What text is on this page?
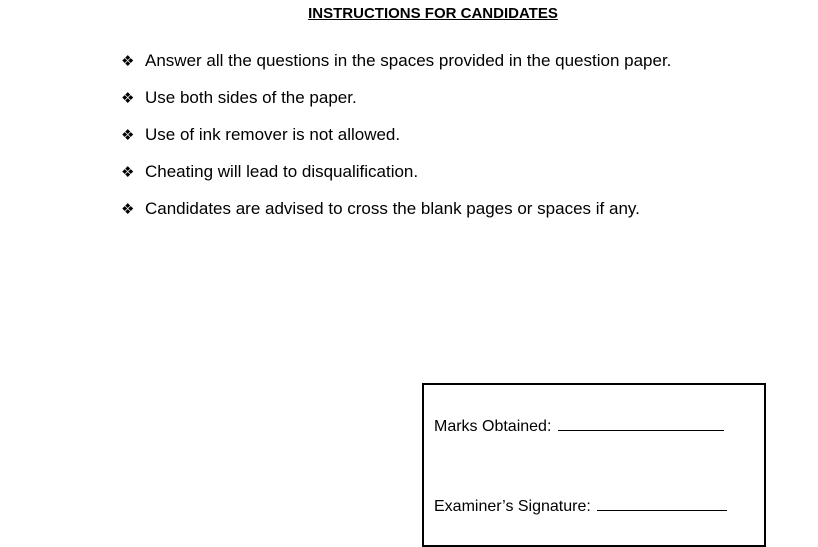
INSTRUCTIONS FOR CANDIDATES
❖ Answer all the questions in the spaces provided in the question paper.
❖ Use both sides of the paper.
❖ Use of ink remover is not allowed.
❖ Cheating will lead to disqualification.
❖ Candidates are advised to cross the blank pages or spaces if any.
Marks Obtained:
Examiner’s Signature:
